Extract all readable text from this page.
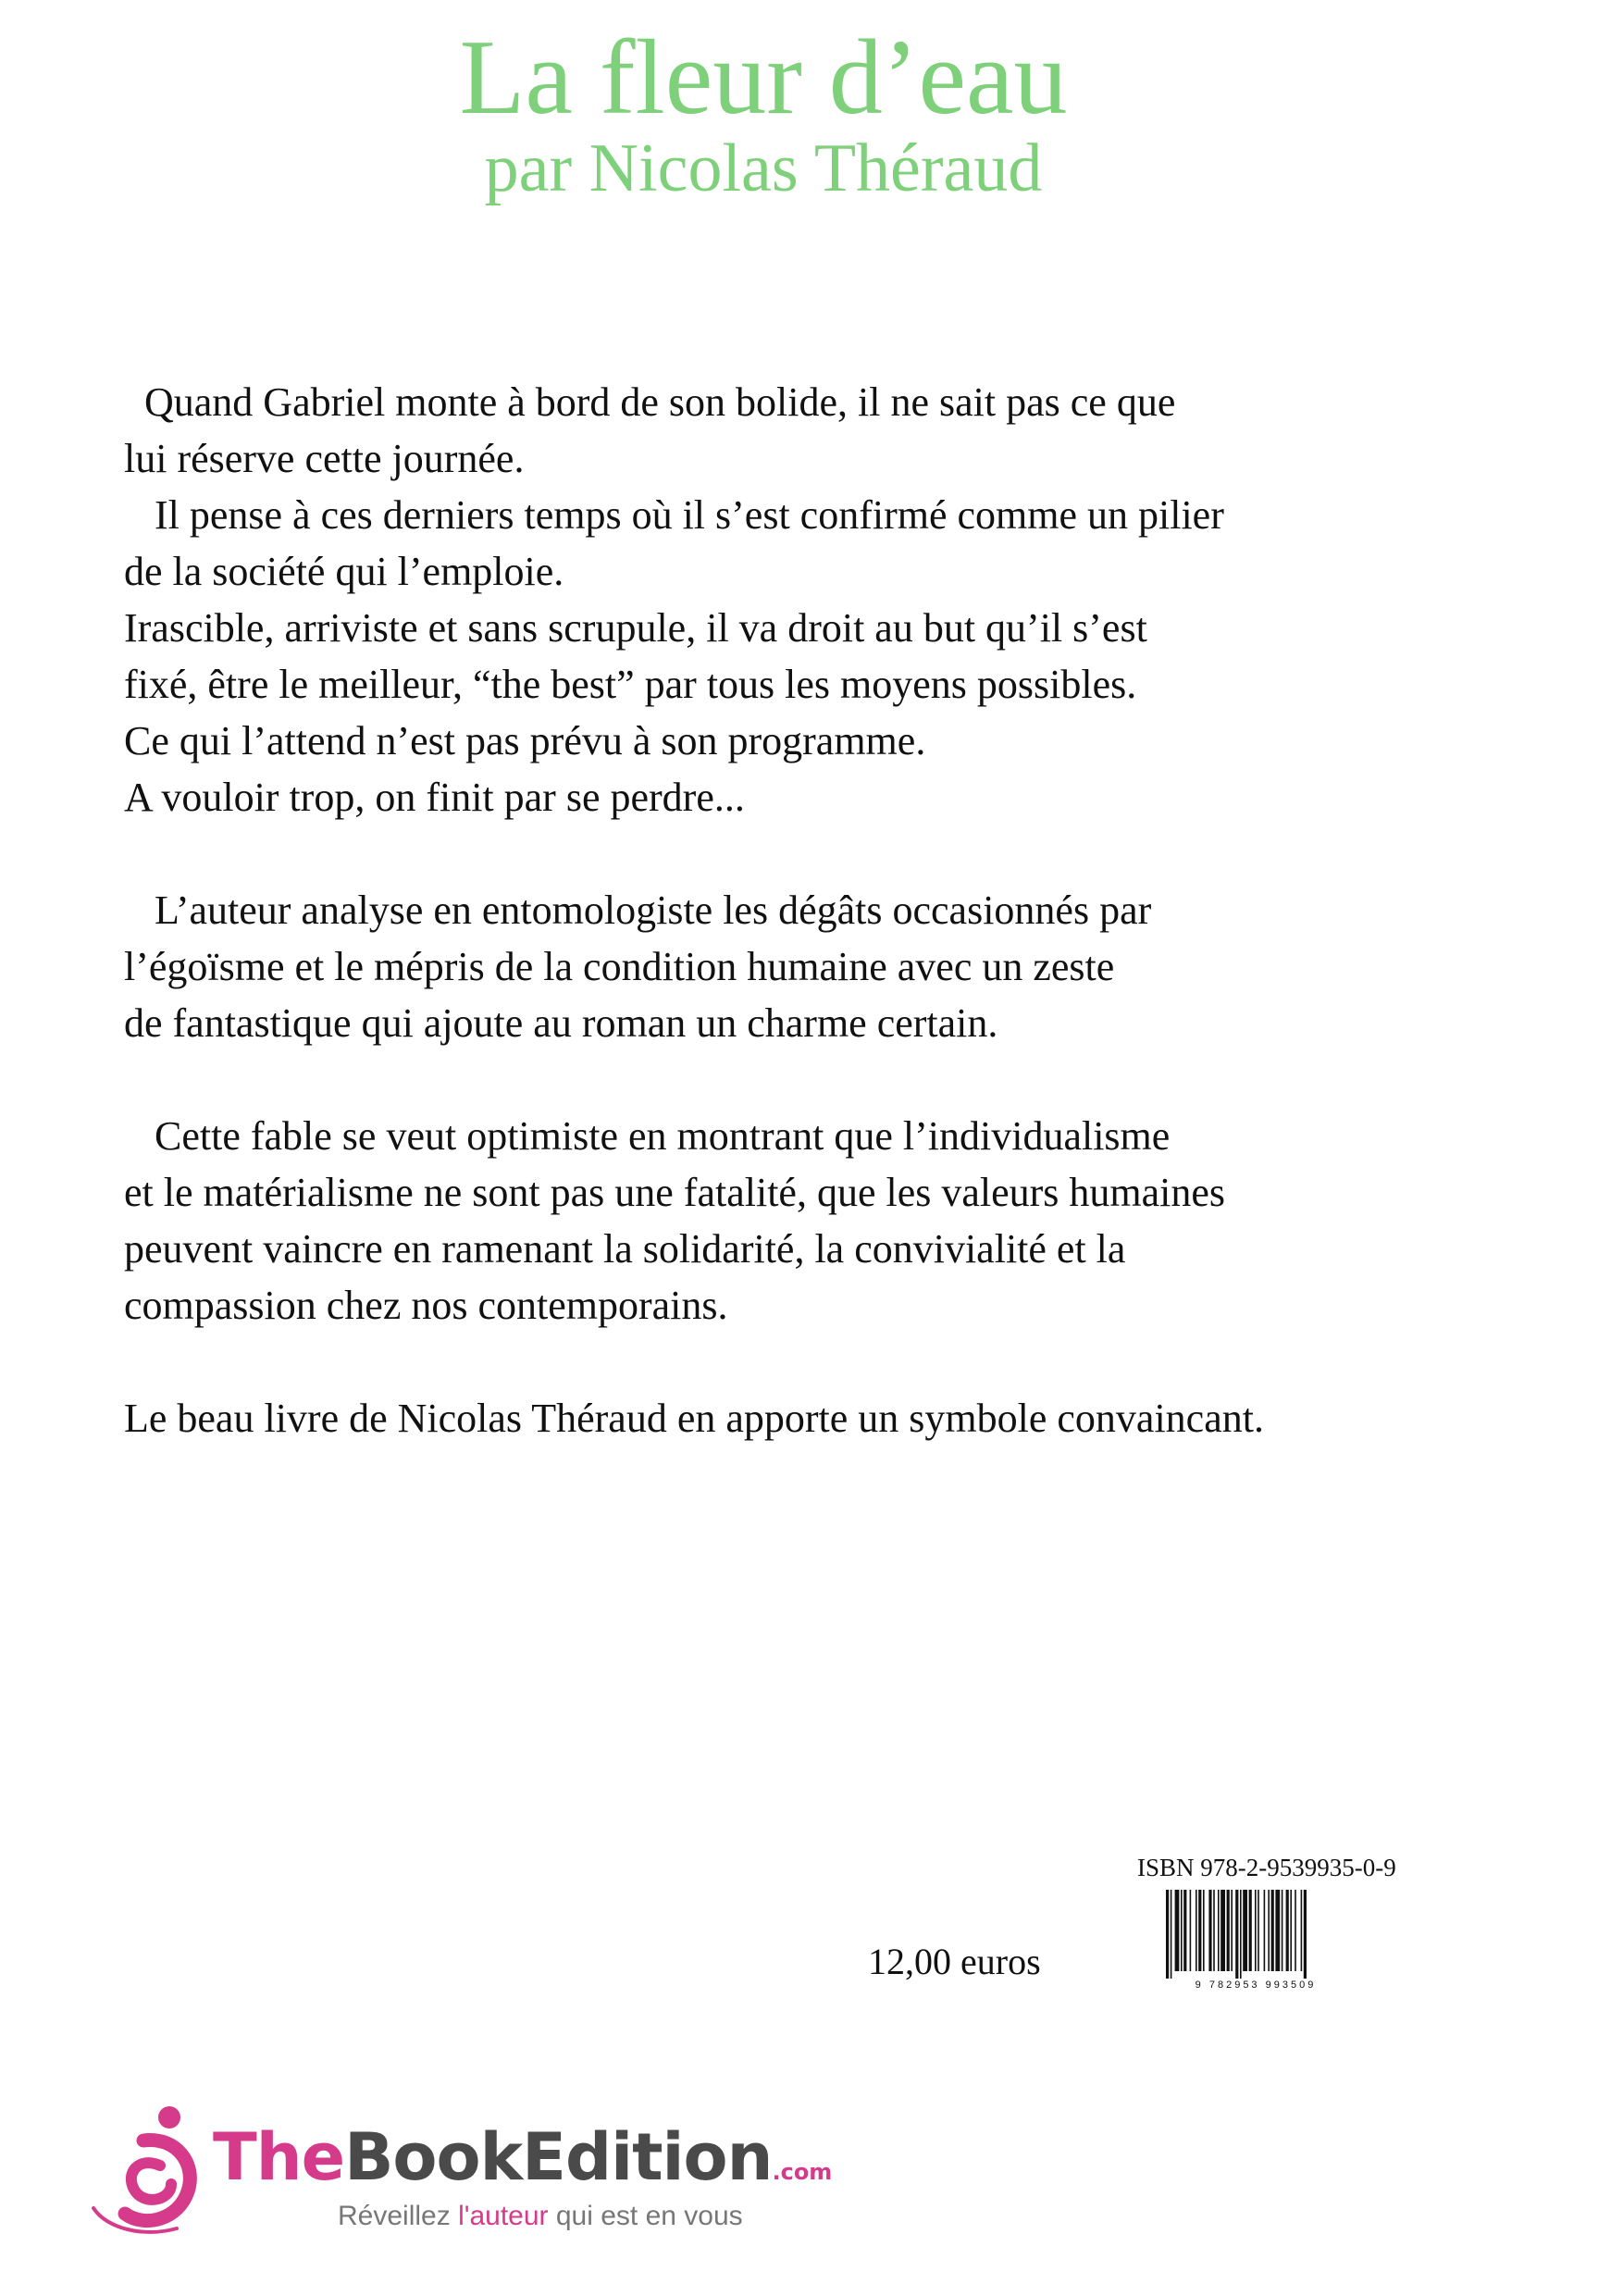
La fleur d’eau
par Nicolas Théraud

Quand Gabriel monte à bord de son bolide, il ne sait pas ce que
lui réserve cette journée.
Il pense à ces derniers temps où il s’est confirmé comme un pilier
de la société qui l’emploie.
Irascible, arriviste et sans scrupule, il va droit au but qu’il s’est
fixé, être le meilleur, “the best” par tous les moyens possibles.
Ce qui l’attend n’est pas prévu à son programme.
A vouloir trop, on finit par se perdre...

L’auteur analyse en entomologiste les dégâts occasionnés par
l’égoïsme et le mépris de la condition humaine avec un zeste
de fantastique qui ajoute au roman un charme certain.

Cette fable se veut optimiste en montrant que l’individualisme
et le matérialisme ne sont pas une fatalité, que les valeurs humaines
peuvent vaincre en ramenant la solidarité, la convivialité et la
compassion chez nos contemporains.

Le beau livre de Nicolas Théraud en apporte un symbole convaincant.

ISBN 978-2-9539935-0-9
9 782953 993509
12,00 euros
TheBookEdition.com
Réveillez l'auteur qui est en vous
